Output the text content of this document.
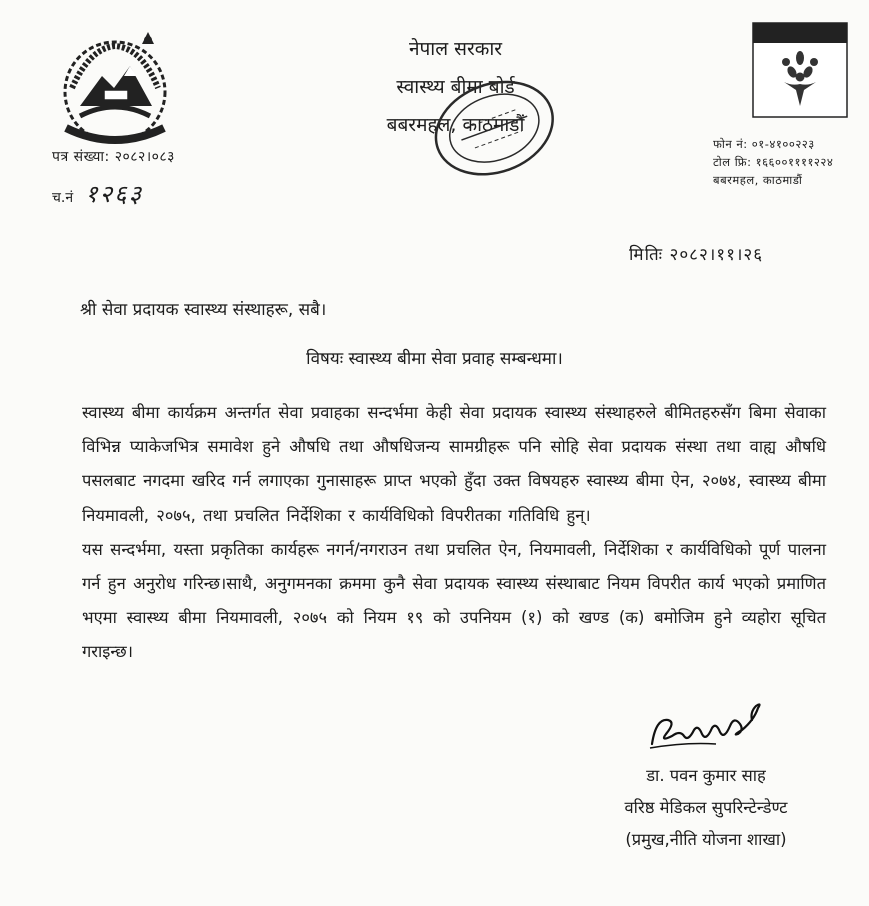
नेपाल सरकार
स्वास्थ्य बीमा बोर्ड
बबरमहल, काठमाडौं
फोन नं: ०१-४१००२२३
टोल फ्रि: १६६००११११२२४
बबरमहल, काठमाडौं
पत्र संख्या: २०८२।०८३
च.नं १२६३
मितिः २०८२।११।२६
श्री सेवा प्रदायक स्वास्थ्य संस्थाहरू, सबै।
विषयः स्वास्थ्य बीमा सेवा प्रवाह सम्बन्धमा।

स्वास्थ्य बीमा कार्यक्रम अन्तर्गत सेवा प्रवाहका सन्दर्भमा केही सेवा प्रदायक स्वास्थ्य संस्थाहरुले बीमितहरुसँग बिमा सेवाका विभिन्न प्याकेजभित्र समावेश हुने औषधि तथा औषधिजन्य सामग्रीहरू पनि सोहि सेवा प्रदायक संस्था तथा वाह्य औषधि पसलबाट नगदमा खरिद गर्न लगाएका गुनासाहरू प्राप्त भएको हुँदा उक्त विषयहरु स्वास्थ्य बीमा ऐन, २०७४, स्वास्थ्य बीमा नियमावली, २०७५, तथा प्रचलित निर्देशिका र कार्यविधिको विपरीतका गतिविधि हुन्।

यस सन्दर्भमा, यस्ता प्रकृतिका कार्यहरू नगर्न/नगराउन तथा प्रचलित ऐन, नियमावली, निर्देशिका र कार्यविधिको पूर्ण पालना गर्न हुन अनुरोध गरिन्छ।साथै, अनुगमनका क्रममा कुनै सेवा प्रदायक स्वास्थ्य संस्थाबाट नियम विपरीत कार्य भएको प्रमाणित भएमा स्वास्थ्य बीमा नियमावली, २०७५ को नियम १९ को उपनियम (१) को खण्ड (क) बमोजिम हुने व्यहोरा सूचित गराइन्छ।

डा. पवन कुमार साह
वरिष्ठ मेडिकल सुपरिन्टेन्डेण्ट
(प्रमुख,नीति योजना शाखा)
